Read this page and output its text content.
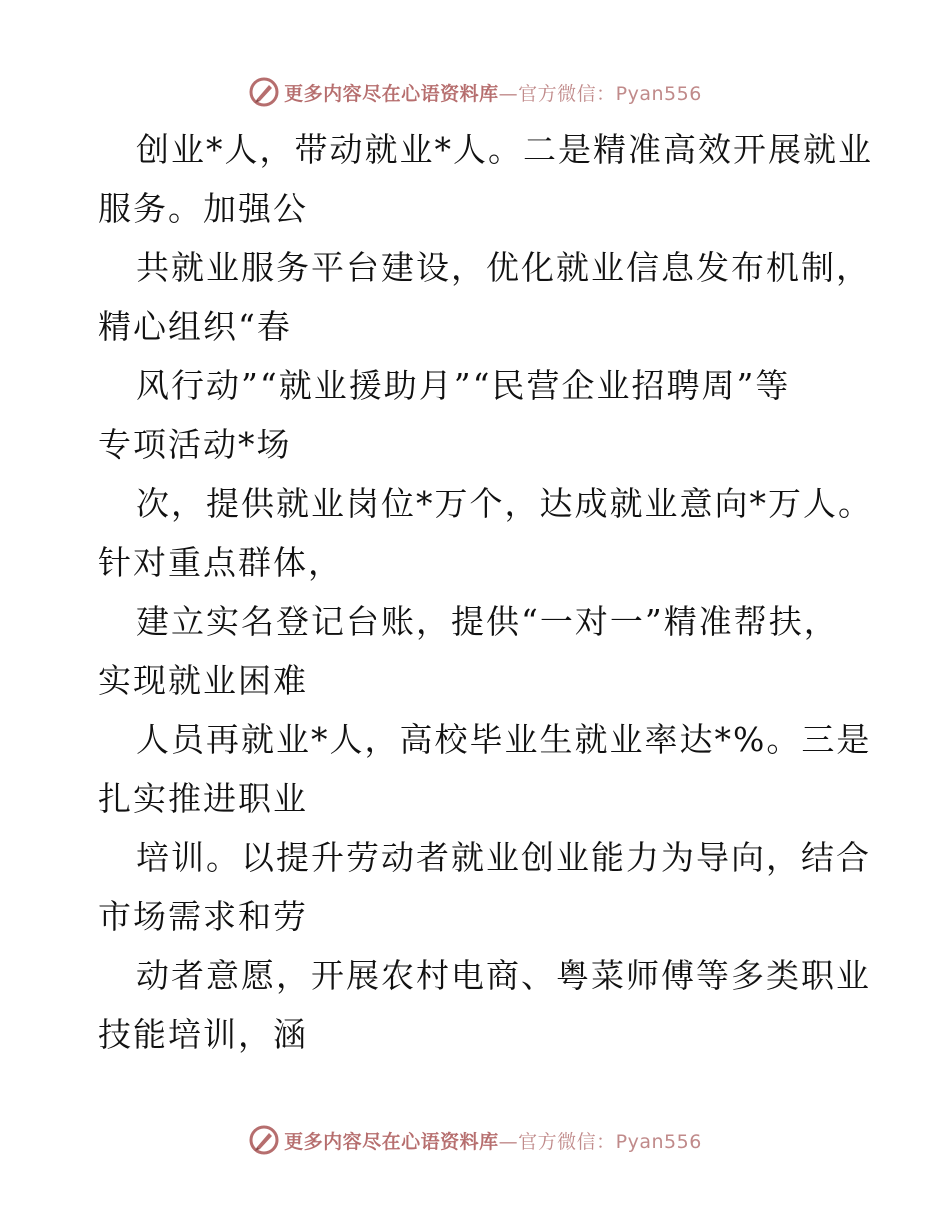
更多内容尽在心语资料库—官方微信：Pyan556
创业*人，带动就业*人。二是精准高效开展就业
服务。加强公
共就业服务平台建设，优化就业信息发布机制，
精心组织“春
风行动”“就业援助月”“民营企业招聘周”等
专项活动*场
次，提供就业岗位*万个，达成就业意向*万人。
针对重点群体，
建立实名登记台账，提供“一对一”精准帮扶，
实现就业困难
人员再就业*人，高校毕业生就业率达*%。三是
扎实推进职业
培训。以提升劳动者就业创业能力为导向，结合
市场需求和劳
动者意愿，开展农村电商、粤菜师傅等多类职业
技能培训，涵
更多内容尽在心语资料库—官方微信：Pyan556
